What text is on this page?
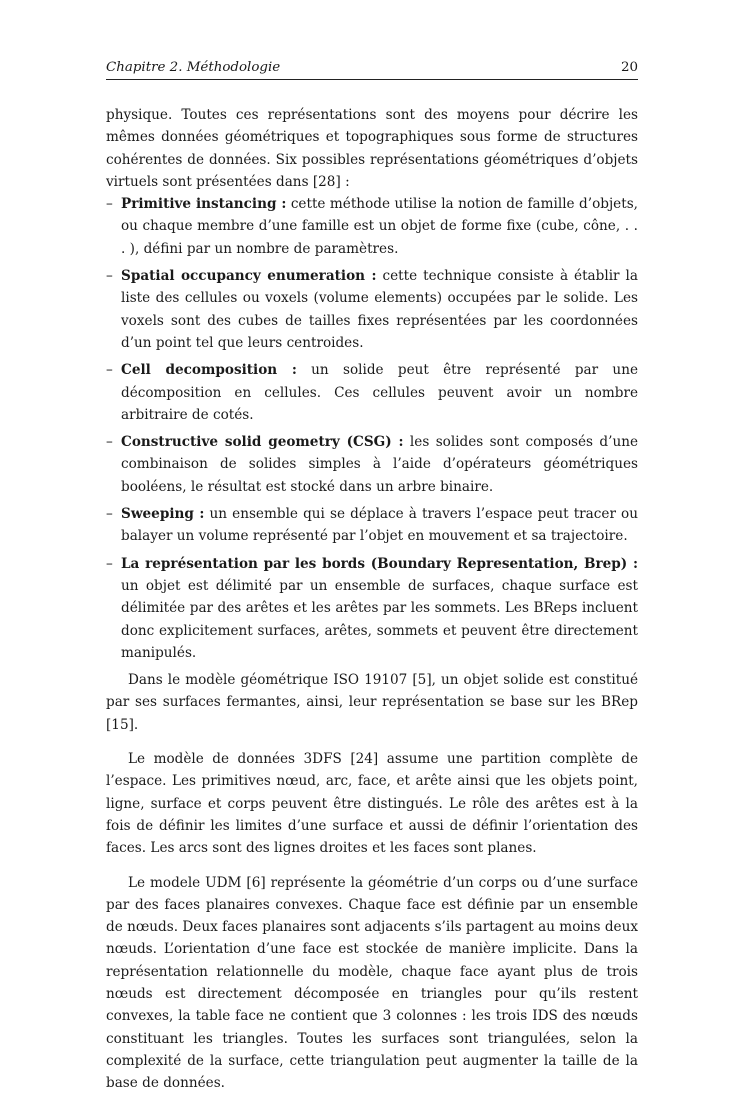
Chapitre 2. Méthodologie	20

physique. Toutes ces représentations sont des moyens pour décrire les mêmes données géométriques et topographiques sous forme de structures cohérentes de données. Six possibles représentations géométriques d’objets virtuels sont présentées dans [28] :

– Primitive instancing : cette méthode utilise la notion de famille d’objets, ou chaque membre d’une famille est un objet de forme fixe (cube, cône, . . . ), défini par un nombre de paramètres.
– Spatial occupancy enumeration : cette technique consiste à établir la liste des cellules ou voxels (volume elements) occupées par le solide. Les voxels sont des cubes de tailles fixes représentées par les coordonnées d’un point tel que leurs centroides.
– Cell decomposition : un solide peut être représenté par une décomposition en cellules. Ces cellules peuvent avoir un nombre arbitraire de cotés.
– Constructive solid geometry (CSG) : les solides sont composés d’une combinaison de solides simples à l’aide d’opérateurs géométriques booléens, le résultat est stocké dans un arbre binaire.
– Sweeping : un ensemble qui se déplace à travers l’espace peut tracer ou balayer un volume représenté par l’objet en mouvement et sa trajectoire.
– La représentation par les bords (Boundary Representation, Brep) : un objet est délimité par un ensemble de surfaces, chaque surface est délimitée par des arêtes et les arêtes par les sommets. Les BReps incluent donc explicitement surfaces, arêtes, sommets et peuvent être directement manipulés.

Dans le modèle géométrique ISO 19107 [5], un objet solide est constitué par ses surfaces fermantes, ainsi, leur représentation se base sur les BRep [15].

Le modèle de données 3DFS [24] assume une partition complète de l’espace. Les primitives nœud, arc, face, et arête ainsi que les objets point, ligne, surface et corps peuvent être distingués. Le rôle des arêtes est à la fois de définir les limites d’une surface et aussi de définir l’orientation des faces. Les arcs sont des lignes droites et les faces sont planes.

Le modele UDM [6] représente la géométrie d’un corps ou d’une surface par des faces planaires convexes. Chaque face est définie par un ensemble de nœuds. Deux faces planaires sont adjacents s’ils partagent au moins deux nœuds. L’orientation d’une face est stockée de manière implicite. Dans la représentation relationnelle du modèle, chaque face ayant plus de trois nœuds est directement décomposée en triangles pour qu’ils restent convexes, la table face ne contient que 3 colonnes : les trois IDS des nœuds constituant les triangles. Toutes les surfaces sont triangulées, selon la complexité de la surface, cette triangulation peut augmenter la taille de la base de données.
